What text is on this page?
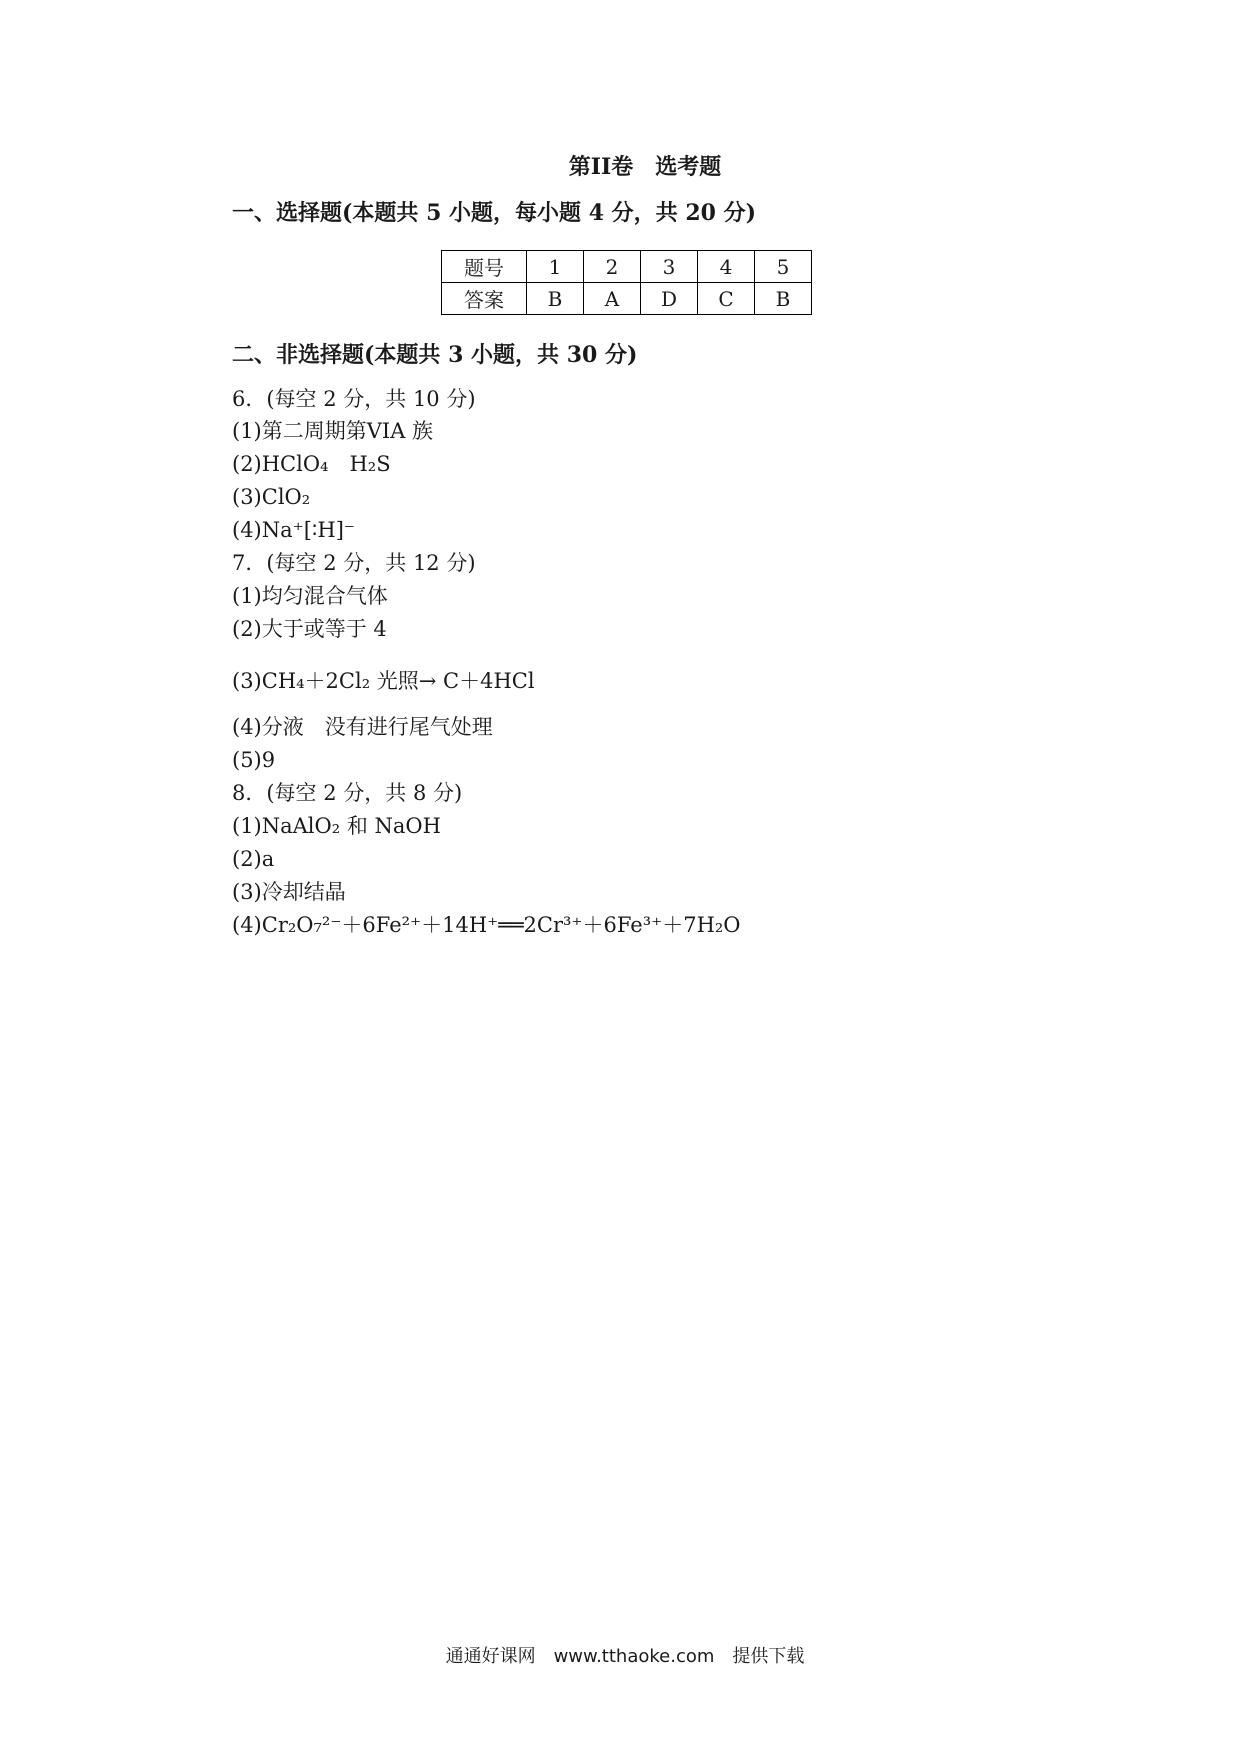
第II卷　选考题
一、选择题(本题共 5 小题，每小题 4 分，共 20 分)
题号	1	2	3	4	5
答案	B	A	D	C	B
二、非选择题(本题共 3 小题，共 30 分)
6．(每空 2 分，共 10 分)
(1)第二周期第VIA 族
(2)HClO₄　H₂S
(3)ClO₂
(4)Na⁺[∶H]⁻
7．(每空 2 分，共 12 分)
(1)均匀混合气体
(2)大于或等于 4
(3)CH₄＋2Cl₂ 光照→ C＋4HCl
(4)分液　没有进行尾气处理
(5)9
8．(每空 2 分，共 8 分)
(1)NaAlO₂ 和 NaOH
(2)a
(3)冷却结晶
(4)Cr₂O₇²⁻＋6Fe²⁺＋14H⁺══2Cr³⁺＋6Fe³⁺＋7H₂O
通通好课网　www.tthaoke.com　提供下载
